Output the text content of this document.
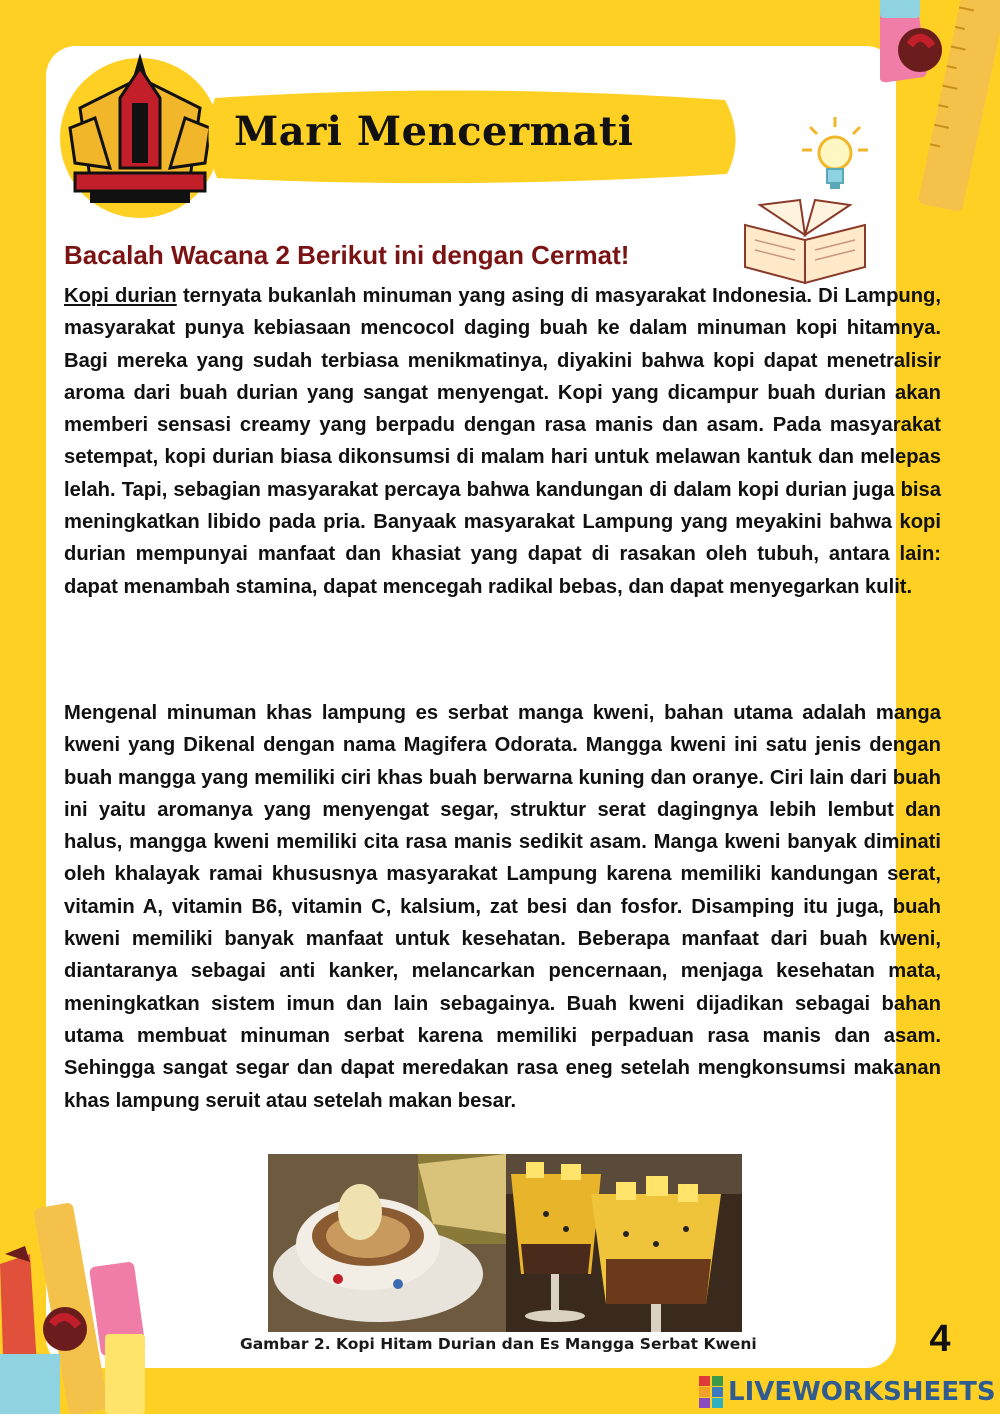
Mari Mencermati
Bacalah Wacana 2 Berikut ini dengan Cermat!

Kopi durian ternyata bukanlah minuman yang asing di masyarakat Indonesia. Di Lampung, masyarakat punya kebiasaan mencocol daging buah ke dalam minuman kopi hitamnya. Bagi mereka yang sudah terbiasa menikmatinya, diyakini bahwa kopi dapat menetralisir aroma dari buah durian yang sangat menyengat. Kopi yang dicampur buah durian akan memberi sensasi creamy yang berpadu dengan rasa manis dan asam. Pada masyarakat setempat, kopi durian biasa dikonsumsi di malam hari untuk melawan kantuk dan melepas lelah. Tapi, sebagian masyarakat percaya bahwa kandungan di dalam kopi durian juga bisa meningkatkan libido pada pria. Banyaak masyarakat Lampung yang meyakini bahwa kopi durian mempunyai manfaat dan khasiat yang dapat di rasakan oleh tubuh, antara lain: dapat menambah stamina, dapat mencegah radikal bebas, dan dapat menyegarkan kulit.

Mengenal minuman khas lampung es serbat manga kweni, bahan utama adalah manga kweni yang Dikenal dengan nama Magifera Odorata. Mangga kweni ini satu jenis dengan buah mangga yang memiliki ciri khas buah berwarna kuning dan oranye. Ciri lain dari buah ini yaitu aromanya yang menyengat segar, struktur serat dagingnya lebih lembut dan halus, mangga kweni memiliki cita rasa manis sedikit asam. Manga kweni banyak diminati oleh khalayak ramai khususnya masyarakat Lampung karena memiliki kandungan serat, vitamin A, vitamin B6, vitamin C, kalsium, zat besi dan fosfor. Disamping itu juga, buah kweni memiliki banyak manfaat untuk kesehatan. Beberapa manfaat dari buah kweni, diantaranya sebagai anti kanker, melancarkan pencernaan, menjaga kesehatan mata, meningkatkan sistem imun dan lain sebagainya. Buah kweni dijadikan sebagai bahan utama membuat minuman serbat karena memiliki perpaduan rasa manis dan asam. Sehingga sangat segar dan dapat meredakan rasa eneg setelah mengkonsumsi makanan khas lampung seruit atau setelah makan besar.

Gambar 2. Kopi Hitam Durian dan Es Mangga Serbat Kweni	4
LIVEWORKSHEETS
